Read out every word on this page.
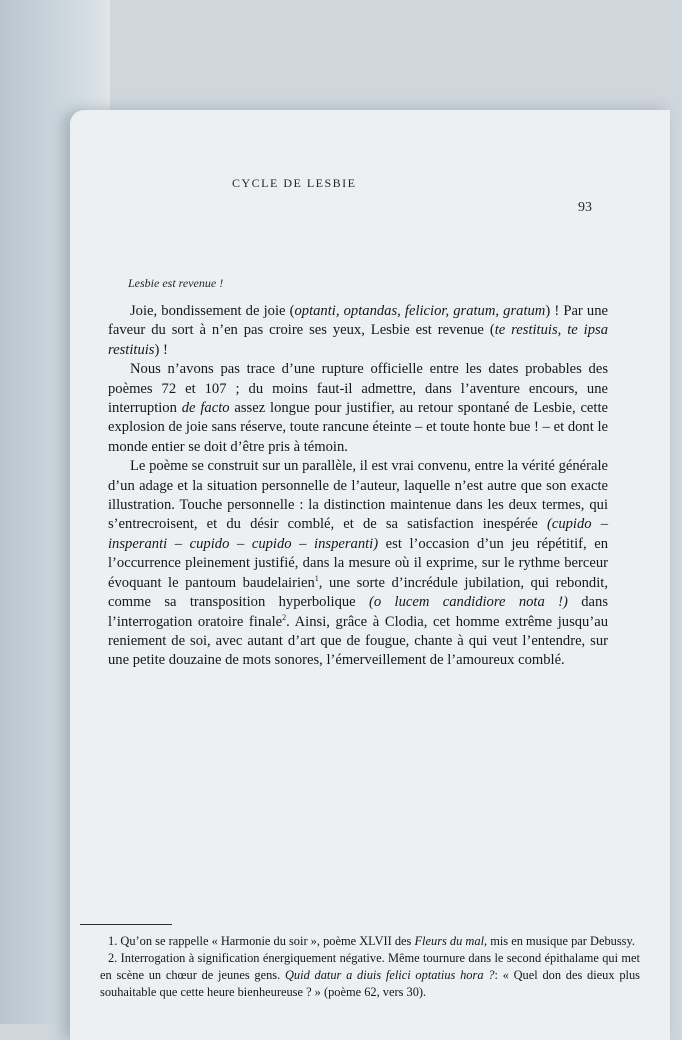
CYCLE DE LESBIE
93
Lesbie est revenue !

Joie, bondissement de joie (optanti, optandas, felicior, gratum, gratum) ! Par une faveur du sort à n’en pas croire ses yeux, Lesbie est revenue (te restituis, te ipsa restituis) !

Nous n’avons pas trace d’une rupture officielle entre les dates probables des poèmes 72 et 107 ; du moins faut-il admettre, dans l’aventure encours, une interruption de facto assez longue pour justifier, au retour spontané de Lesbie, cette explosion de joie sans réserve, toute rancune éteinte – et toute honte bue ! – et dont le monde entier se doit d’être pris à témoin.

Le poème se construit sur un parallèle, il est vrai convenu, entre la vérité générale d’un adage et la situation personnelle de l’auteur, laquelle n’est autre que son exacte illustration. Touche personnelle : la distinction maintenue dans les deux termes, qui s’entrecroisent, et du désir comblé, et de sa satisfaction inespérée (cupido – insperanti – cupido – cupido – insperanti) est l’occasion d’un jeu répétitif, en l’occurrence pleinement justifié, dans la mesure où il exprime, sur le rythme berceur évoquant le pantoum baudelairien$^1$, une sorte d’incrédule jubilation, qui rebondit, comme sa transposition hyperbolique (o lucem candidiore nota !) dans l’interrogation oratoire finale$^2$. Ainsi, grâce à Clodia, cet homme extrême jusqu’au reniement de soi, avec autant d’art que de fougue, chante à qui veut l’entendre, sur une petite douzaine de mots sonores, l’émerveillement de l’amoureux comblé.

1. Qu’on se rappelle « Harmonie du soir », poème XLVII des Fleurs du mal, mis en musique par Debussy.

2. Interrogation à signification énergiquement négative. Même tournure dans le second épithalame qui met en scène un chœur de jeunes gens. Quid datur a diuis felici optatius hora ?: « Quel don des dieux plus souhaitable que cette heure bienheureuse ? » (poème 62, vers 30).
